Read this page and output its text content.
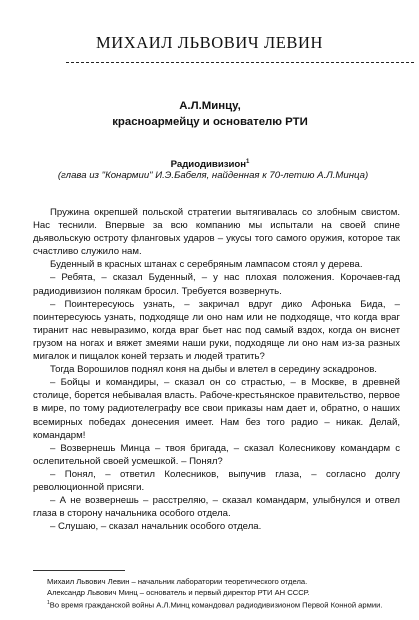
МИХАИЛ ЛЬВОВИЧ ЛЕВИН
А.Л.Минцу,
красноармейцу и основателю РТИ
Радиодивизион$^1$

(глава из "Конармии" И.Э.Бабеля, найденная к 70-летию А.Л.Минца)

Пружина окрепшей польской стратегии вытягивалась со злобным свистом. Нас теснили. Впервые за всю компанию мы испытали на своей спине дьявольскую остроту фланговых ударов – укусы того самого оружия, которое так счастливо служило нам.

Буденный в красных штанах с серебряным лампасом стоял у дерева.

– Ребята, – сказал Буденный, – у нас плохая положения. Корочаев-гад радиодивизион полякам бросил. Требуется возвернуть.

– Поинтересуюсь узнать, – закричал вдруг дико Афонька Бида, – поинтересуюсь узнать, подходяще ли оно нам или не подходяще, что когда враг тиранит нас невыразимо, когда враг бьет нас под самый вздох, когда он виснет грузом на ногах и вяжет змеями наши руки, подходяще ли оно нам из-за разных мигалок и пищалок коней терзать и людей тратить?

Тогда Ворошилов поднял коня на дыбы и влетел в середину эскадронов.

– Бойцы и командиры, – сказал он со страстью, – в Москве, в древней столице, борется небывалая власть. Рабоче-крестьянское правительство, первое в мире, по тому радиотелеграфу все свои приказы нам дает и, обратно, о наших всемирных победах донесения имеет. Нам без того радио – никак. Делай, командарм!

– Возвернешь Минца – твоя бригада, – сказал Колесникову командарм с ослепительной своей усмешкой. – Понял?

– Понял, – ответил Колесников, выпучив глаза, – согласно долгу революционной присяги.

– А не возвернешь – расстреляю, – сказал командарм, улыбнулся и отвел глаза в сторону начальника особого отдела.

– Слушаю, – сказал начальник особого отдела.

Михаил Львович Левин – начальник лаборатории теоретического отдела.

Александр Львович Минц – основатель и первый директор РТИ АН СССР.

$^1$Во время гражданской войны А.Л.Минц командовал радиодивизионом Первой Конной армии.
